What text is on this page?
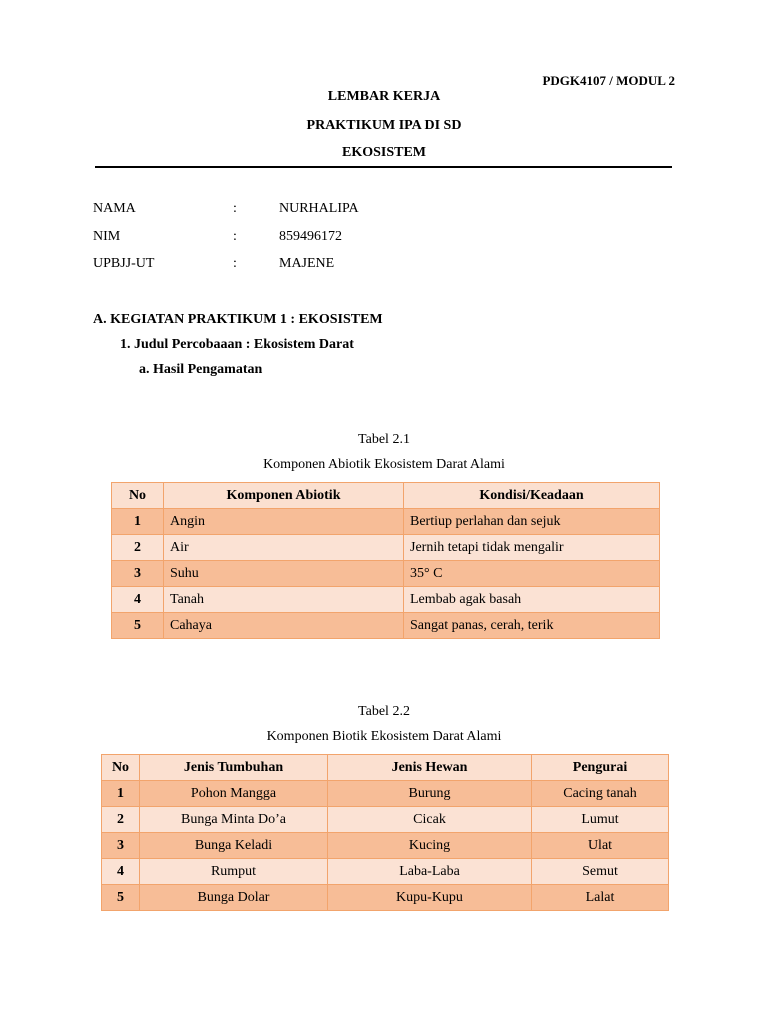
PDGK4107 / MODUL 2
LEMBAR KERJA
PRAKTIKUM IPA DI SD
EKOSISTEM
NAMA	:	NURHALIPA
NIM	:	859496172
UPBJJ-UT	:	MAJENE
A. KEGIATAN PRAKTIKUM 1 : EKOSISTEM
1. Judul Percobaaan : Ekosistem Darat
a. Hasil Pengamatan
Tabel 2.1
Komponen Abiotik Ekosistem Darat Alami
No	Komponen Abiotik	Kondisi/Keadaan
1	Angin	Bertiup perlahan dan sejuk
2	Air	Jernih tetapi tidak mengalir
3	Suhu	35° C
4	Tanah	Lembab agak basah
5	Cahaya	Sangat panas, cerah, terik
Tabel 2.2
Komponen Biotik Ekosistem Darat Alami
No	Jenis Tumbuhan	Jenis Hewan	Pengurai
1	Pohon Mangga	Burung	Cacing tanah
2	Bunga Minta Do’a	Cicak	Lumut
3	Bunga Keladi	Kucing	Ulat
4	Rumput	Laba-Laba	Semut
5	Bunga Dolar	Kupu-Kupu	Lalat
